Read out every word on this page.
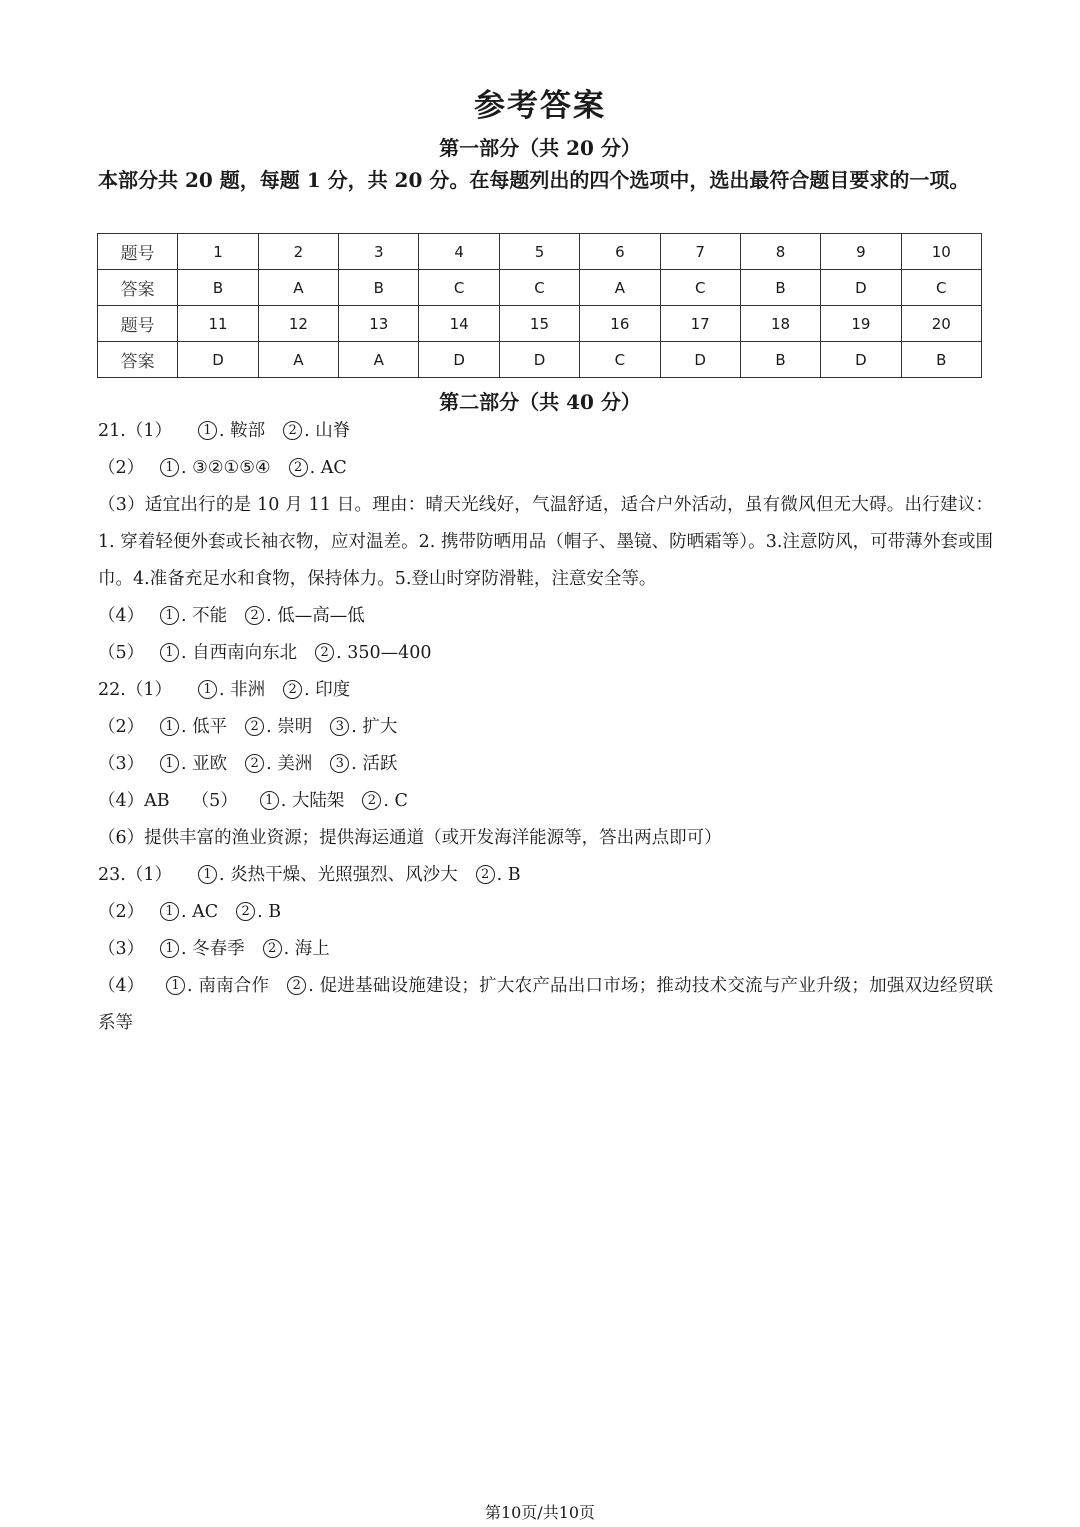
参考答案
第一部分（共 20 分）
本部分共 20 题，每题 1 分，共 20 分。在每题列出的四个选项中，选出最符合题目要求的一项。
题号	1	2	3	4	5	6	7	8	9	10
答案	B	A	B	C	C	A	C	B	D	C
题号	11	12	13	14	15	16	17	18	19	20
答案	D	A	A	D	D	C	D	B	D	B
第二部分（共 40 分）
21.（1） 1 . 鞍部 2 . 山脊
（2） 1 . ③②①⑤④ 2 . AC
（3）适宜出行的是 10 月 11 日。理由：晴天光线好，气温舒适，适合户外活动，虽有微风但无大碍。出行建议：1. 穿着轻便外套或长袖衣物，应对温差。2. 携带防晒用品（帽子、墨镜、防晒霜等）。3.注意防风，可带薄外套或围巾。4.准备充足水和食物，保持体力。5.登山时穿防滑鞋，注意安全等。
（4） 1 . 不能 2 . 低—高—低
（5） 1 . 自西南向东北 2 . 350—400
22.（1） 1 . 非洲 2 . 印度
（2） 1 . 低平 2 . 崇明 3 . 扩大
（3） 1 . 亚欧 2 . 美洲 3 . 活跃
（4）AB （5） 1 . 大陆架 2 . C
（6）提供丰富的渔业资源；提供海运通道（或开发海洋能源等，答出两点即可）
23.（1） 1 . 炎热干燥、光照强烈、风沙大 2 . B
（2） 1 . AC 2 . B
（3） 1 . 冬春季 2 . 海上
（4） 1 . 南南合作 2 . 促进基础设施建设；扩大农产品出口市场；推动技术交流与产业升级；加强双边经贸联系等
第10页/共10页
